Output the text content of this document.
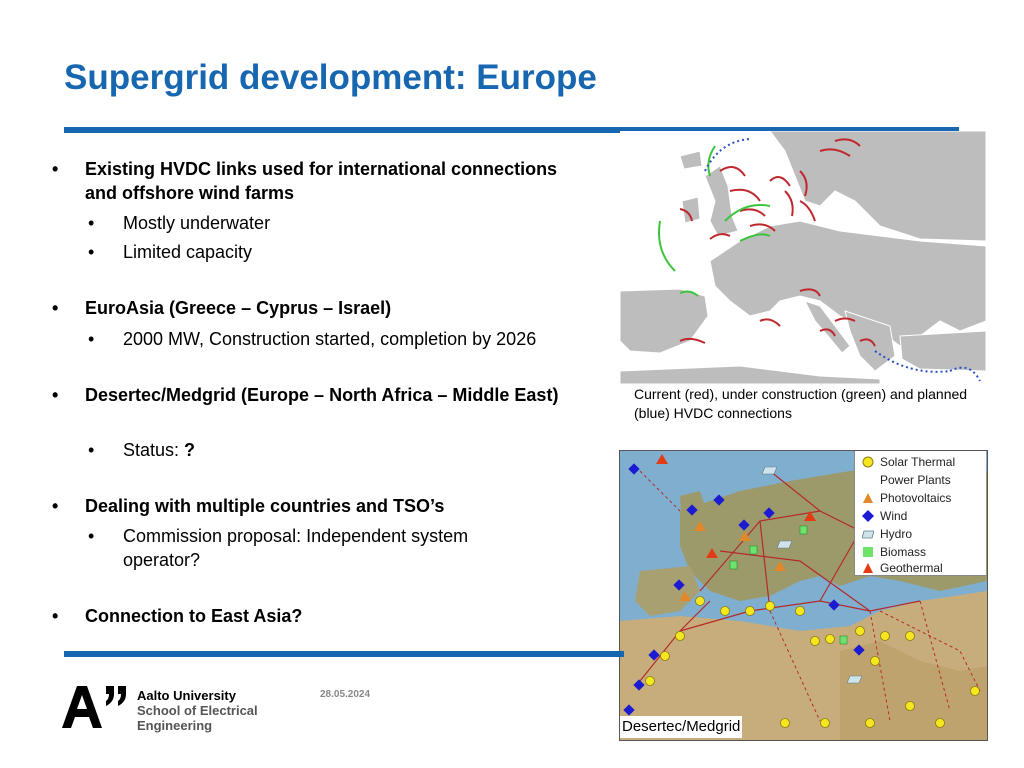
Supergrid development: Europe
• Existing HVDC links used for international connections and offshore wind farms
• Mostly underwater
• Limited capacity
• EuroAsia (Greece – Cyprus – Israel)
• 2000 MW, Construction started, completion by 2026
• Desertec/Medgrid (Europe – North Africa – Middle East)
• Status: ?
• Dealing with multiple countries and TSO’s
• Commission proposal: Independent system operator?
• Connection to East Asia?
Current (red), under construction (green) and planned (blue) HVDC connections
Solar Thermal
Power Plants
Photovoltaics
Wind
Hydro
Biomass
Geothermal
Desertec/Medgrid
Aalto University
School of Electrical
Engineering
28.05.2024
